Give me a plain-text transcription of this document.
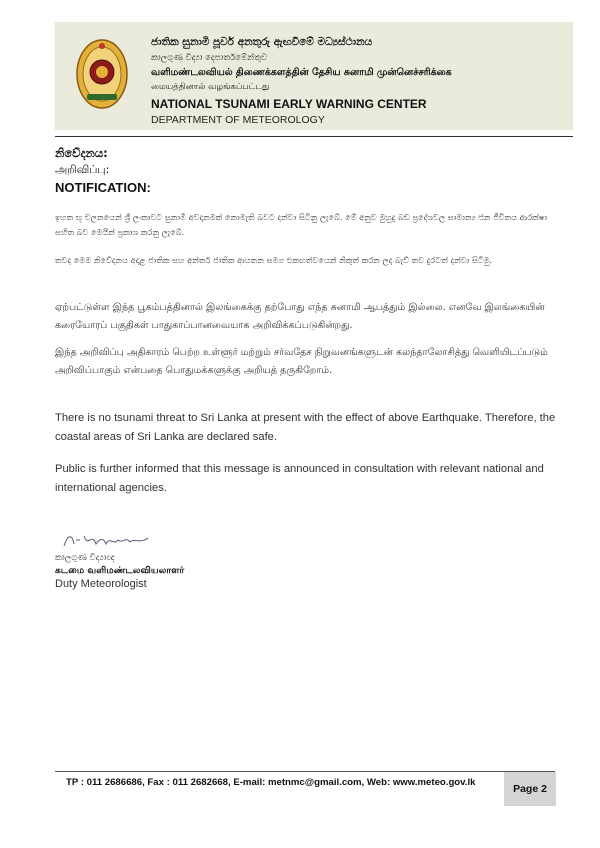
ජාතික සුනාමි පූර්ව අනතුරු ඇඟවීමේ මධ්‍යස්ථානය
කාලගුණ විද්‍යා දෙපාර්තමේන්තුව
வளிமண்டலவியல் திணைக்களத்தின் தேசிய சுனாமி முன்னெச்சரிக்கை
மையத்தினால் வழங்கப்பட்டது
NATIONAL TSUNAMI EARLY WARNING CENTER
DEPARTMENT OF METEOROLOGY
නිවේදනය:
அறிவிப்பு:
NOTIFICATION:
ඉහත භූ චලනයෙන් ශ්‍රී ලංකාවට සුනාමි අවදානමක් නොමැති බවට දන්වා සිටිනු ලැබේ. මේ අනුව මුහුදු බඩ ප්‍රදේශවල සාමාන්‍ය ජන ජීවිතය ආරක්ෂා සහිත බව මෙයින් ප්‍රකාශ කරනු ලැබේ.
තවද මෙම නිවේදනය අදාළ ජාතික සහ අන්තර් ජාතික ආයතන සමග එකඟත්වයෙන් නිකුත් කරන ලද බැව් තව දුරටත් දන්වා සිටිමු.
ஏற்பட்டுள்ள இந்த பூகம்பத்தினால் இலங்கைக்கு தற்போது எந்த சுனாமி ஆபத்தும் இல்லை. எனவே இலங்கையின் கரையோரப் பகுதிகள் பாதுகாப்பானவையாக அறிவிக்கப்படுகின்றது.
இந்த அறிவிப்பு அதிகாரம் பெற்ற உள்ளூர் மற்றும் சர்வதேச நிறுவனங்களுடன் கலந்தாலோசித்து வெளியிடப்படும் அறிவிப்பாகும் என்பதை பொதுமக்களுக்கு அறியத் தருகிறோம்.
There is no tsunami threat to Sri Lanka at present with the effect of above Earthquake. Therefore, the coastal areas of Sri Lanka are declared safe.
Public is further informed that this message is announced in consultation with relevant national and international agencies.
කාලගුණ විද්‍යාඥ
கடமை வளிமண்டலவியலாளர்
Duty Meteorologist
TP : 011 2686686, Fax : 011 2682668, E-mail: metnmc@gmail.com, Web: www.meteo.gov.lk
Page 2
